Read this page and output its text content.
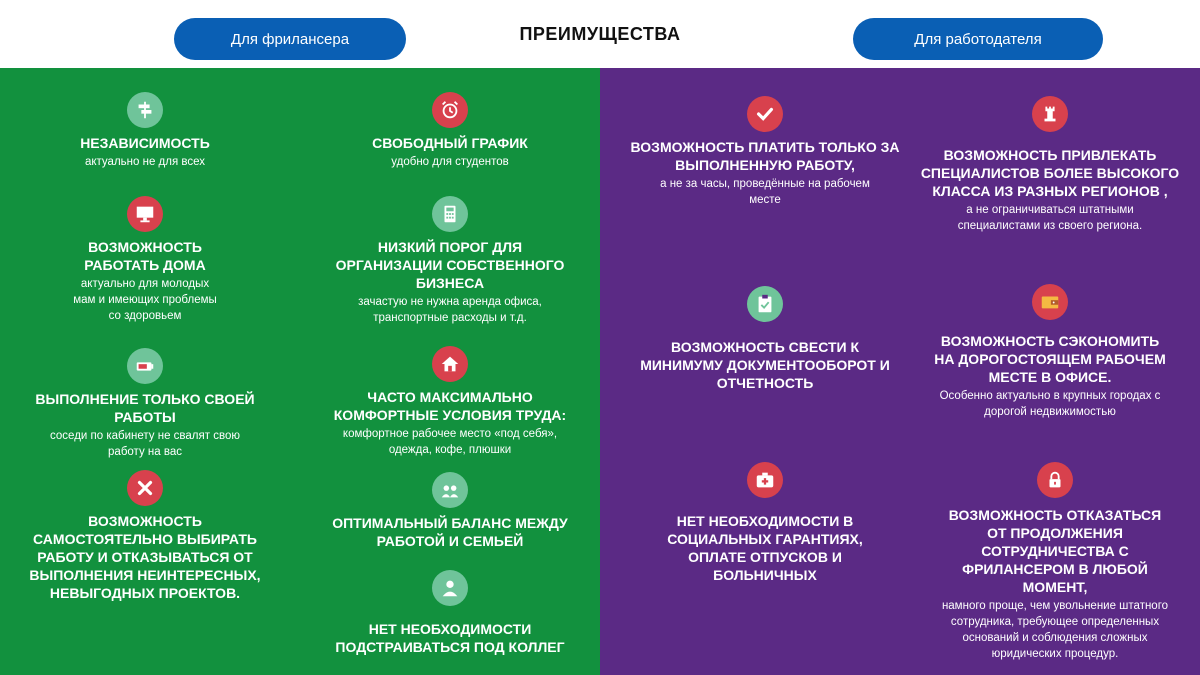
Для фрилансера	ПРЕИМУЩЕСТВА	Для работодателя
НЕЗАВИСИМОСТЬ
актуально не для всех
ВОЗМОЖНОСТЬ РАБОТАТЬ ДОМА
актуально для молодых мам и имеющих проблемы со здоровьем
ВЫПОЛНЕНИЕ ТОЛЬКО СВОЕЙ РАБОТЫ
соседи по кабинету не свалят свою работу на вас
ВОЗМОЖНОСТЬ САМОСТОЯТЕЛЬНО ВЫБИРАТЬ РАБОТУ И ОТКАЗЫВАТЬСЯ ОТ ВЫПОЛНЕНИЯ НЕИНТЕРЕСНЫХ, НЕВЫГОДНЫХ ПРОЕКТОВ.
СВОБОДНЫЙ ГРАФИК
удобно для студентов
НИЗКИЙ ПОРОГ ДЛЯ ОРГАНИЗАЦИИ СОБСТВЕННОГО БИЗНЕСА
зачастую не нужна аренда офиса, транспортные расходы и т.д.
ЧАСТО МАКСИМАЛЬНО КОМФОРТНЫЕ УСЛОВИЯ ТРУДА:
комфортное рабочее место «под себя», одежда, кофе, плюшки
ОПТИМАЛЬНЫЙ БАЛАНС МЕЖДУ РАБОТОЙ И СЕМЬЕЙ
НЕТ НЕОБХОДИМОСТИ ПОДСТРАИВАТЬСЯ ПОД КОЛЛЕГ
ВОЗМОЖНОСТЬ ПЛАТИТЬ ТОЛЬКО ЗА ВЫПОЛНЕННУЮ РАБОТУ,
а не за часы, проведённые на рабочем месте
ВОЗМОЖНОСТЬ СВЕСТИ К МИНИМУМУ ДОКУМЕНТООБОРОТ И ОТЧЕТНОСТЬ
НЕТ НЕОБХОДИМОСТИ В СОЦИАЛЬНЫХ ГАРАНТИЯХ, ОПЛАТЕ ОТПУСКОВ И БОЛЬНИЧНЫХ
ВОЗМОЖНОСТЬ ПРИВЛЕКАТЬ СПЕЦИАЛИСТОВ БОЛЕЕ ВЫСОКОГО КЛАССА ИЗ РАЗНЫХ РЕГИОНОВ ,
а не ограничиваться штатными специалистами из своего региона.
ВОЗМОЖНОСТЬ СЭКОНОМИТЬ НА ДОРОГОСТОЯЩЕМ РАБОЧЕМ МЕСТЕ В ОФИСЕ.
Особенно актуально в крупных городах с дорогой недвижимостью
ВОЗМОЖНОСТЬ ОТКАЗАТЬСЯ ОТ ПРОДОЛЖЕНИЯ СОТРУДНИЧЕСТВА С ФРИЛАНСЕРОМ В ЛЮБОЙ МОМЕНТ,
намного проще, чем увольнение штатного сотрудника, требующее определенных оснований и соблюдения сложных юридических процедур.
